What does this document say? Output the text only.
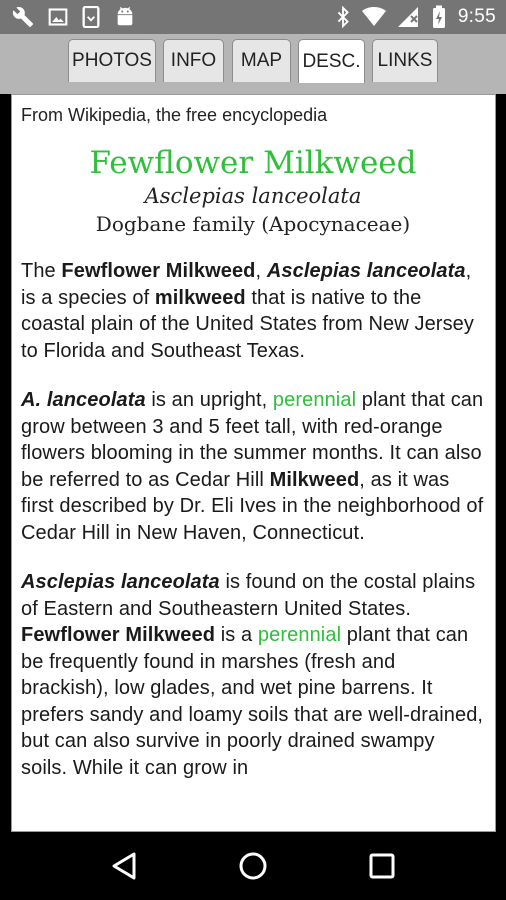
9:55
PHOTOS INFO	MAP	DESC. LINKS
From Wikipedia, the free encyclopedia
Fewflower Milkweed
Asclepias lanceolata
Dogbane family (Apocynaceae)

The Fewflower Milkweed, Asclepias lanceolata, is a species of milkweed that is native to the coastal plain of the United States from New Jersey to Florida and Southeast Texas.

A. lanceolata is an upright, perennial plant that can grow between 3 and 5 feet tall, with red-orange flowers blooming in the summer months. It can also be referred to as Cedar Hill Milkweed, as it was first described by Dr. Eli Ives in the neighborhood of Cedar Hill in New Haven, Connecticut.

Asclepias lanceolata is found on the costal plains of Eastern and Southeastern United States. Fewflower Milkweed is a perennial plant that can be frequently found in marshes (fresh and brackish), low glades, and wet pine barrens. It prefers sandy and loamy soils that are well-drained, but can also survive in poorly drained swampy soils. While it can grow in
